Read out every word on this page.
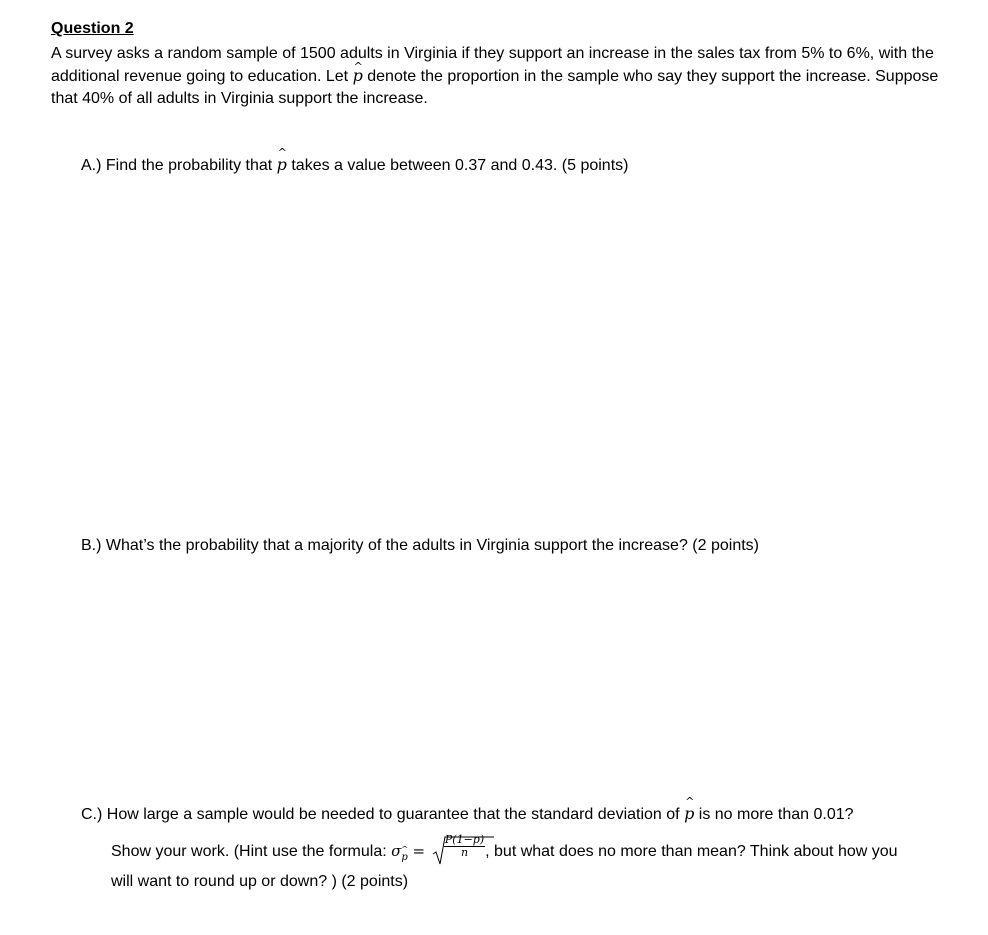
Question 2
A survey asks a random sample of 1500 adults in Virginia if they support an increase in the sales tax from 5% to 6%, with the additional revenue going to education. Let ^ p denote the proportion in the sample who say they support the increase. Suppose that 40% of all adults in Virginia support the increase.
A.) Find the probability that ^ p takes a value between 0.37 and 0.43. (5 points)
B.) What’s the probability that a majority of the adults in Virginia support the increase? (2 points)
C.) How large a sample would be needed to guarantee that the standard deviation of ^ p is no more than 0.01?
Show your work. (Hint use the formula: σ^ $p = \frac{P(1-p)}{n}$ , but what does no more than mean? Think about how you
will want to round up or down? ) (2 points)
